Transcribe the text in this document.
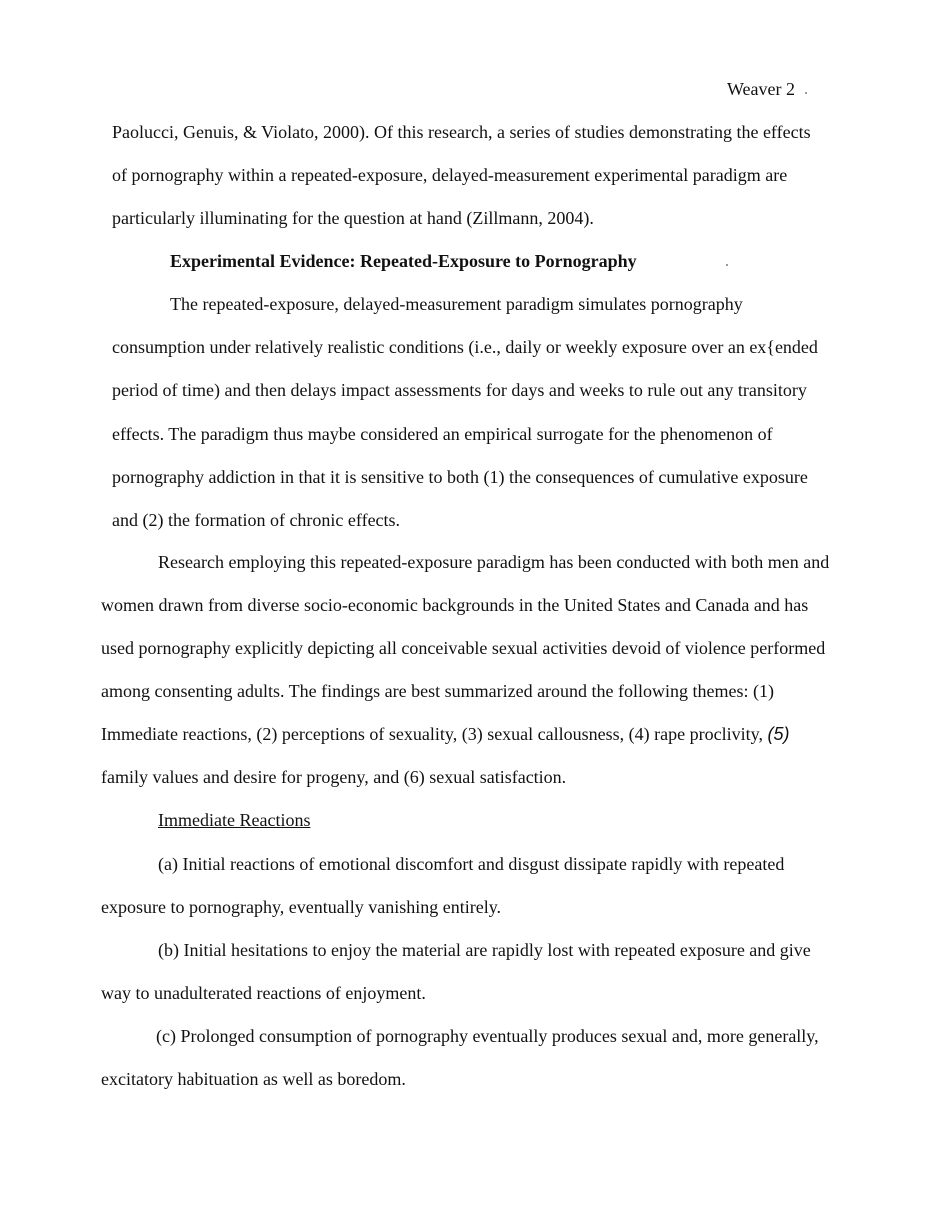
Weaver 2
Paolucci, Genuis, & Violato, 2000). Of this research, a series of studies demonstrating the effects
of pornography within a repeated-exposure, delayed-measurement experimental paradigm are
particularly illuminating for the question at hand (Zillmann, 2004).
Experimental Evidence: Repeated-Exposure to Pornography
The repeated-exposure, delayed-measurement paradigm simulates pornography
consumption under relatively realistic conditions (i.e., daily or weekly exposure over an ex{ended
period of time) and then delays impact assessments for days and weeks to rule out any transitory
effects. The paradigm thus maybe considered an empirical surrogate for the phenomenon of
pornography addiction in that it is sensitive to both (1) the consequences of cumulative exposure
and (2) the formation of chronic effects.
Research employing this repeated-exposure paradigm has been conducted with both men and
women drawn from diverse socio-economic backgrounds in the United States and Canada and has
used pornography explicitly depicting all conceivable sexual activities devoid of violence performed
among consenting adults. The findings are best summarized around the following themes: (1)
Immediate reactions, (2) perceptions of sexuality, (3) sexual callousness, (4) rape proclivity, (5)
family values and desire for progeny, and (6) sexual satisfaction.
Immediate Reactions
(a) Initial reactions of emotional discomfort and disgust dissipate rapidly with repeated
exposure to pornography, eventually vanishing entirely.
(b) Initial hesitations to enjoy the material are rapidly lost with repeated exposure and give
way to unadulterated reactions of enjoyment.
(c) Prolonged consumption of pornography eventually produces sexual and, more generally,
excitatory habituation as well as boredom.
